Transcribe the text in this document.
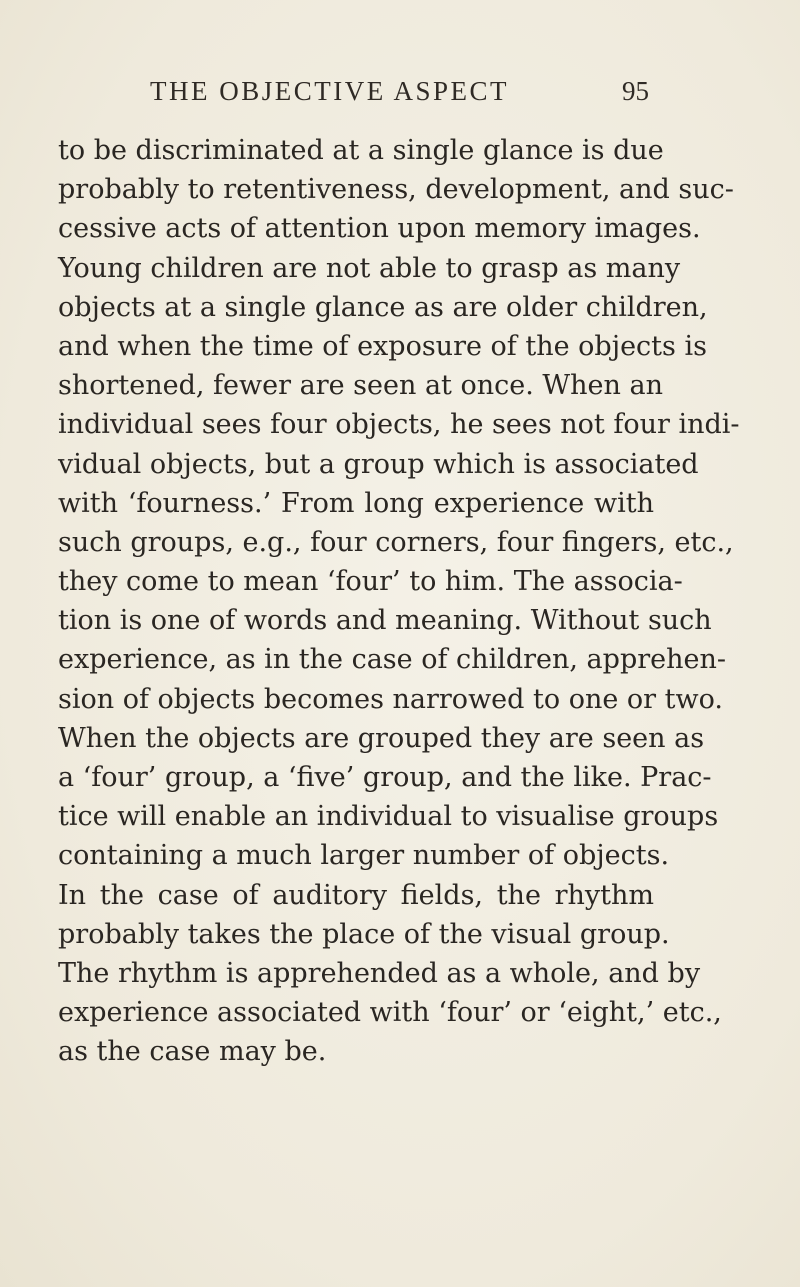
THE OBJECTIVE ASPECT	95
to be discriminated at a single glance is due
probably to retentiveness, development, and suc-
cessive acts of attention upon memory images.
Young children are not able to grasp as many
objects at a single glance as are older children,
and when the time of exposure of the objects is
shortened, fewer are seen at once. When an
individual sees four objects, he sees not four indi-
vidual objects, but a group which is associated
with ‘fourness.’ From long experience with
such groups, e.g., four corners, four fingers, etc.,
they come to mean ‘four’ to him. The associa-
tion is one of words and meaning. Without such
experience, as in the case of children, apprehen-
sion of objects becomes narrowed to one or two.
When the objects are grouped they are seen as
a ‘four’ group, a ‘five’ group, and the like. Prac-
tice will enable an individual to visualise groups
containing a much larger number of objects.
In the case of auditory fields, the rhythm
probably takes the place of the visual group.
The rhythm is apprehended as a whole, and by
experience associated with ‘four’ or ‘eight,’ etc.,
as the case may be.
